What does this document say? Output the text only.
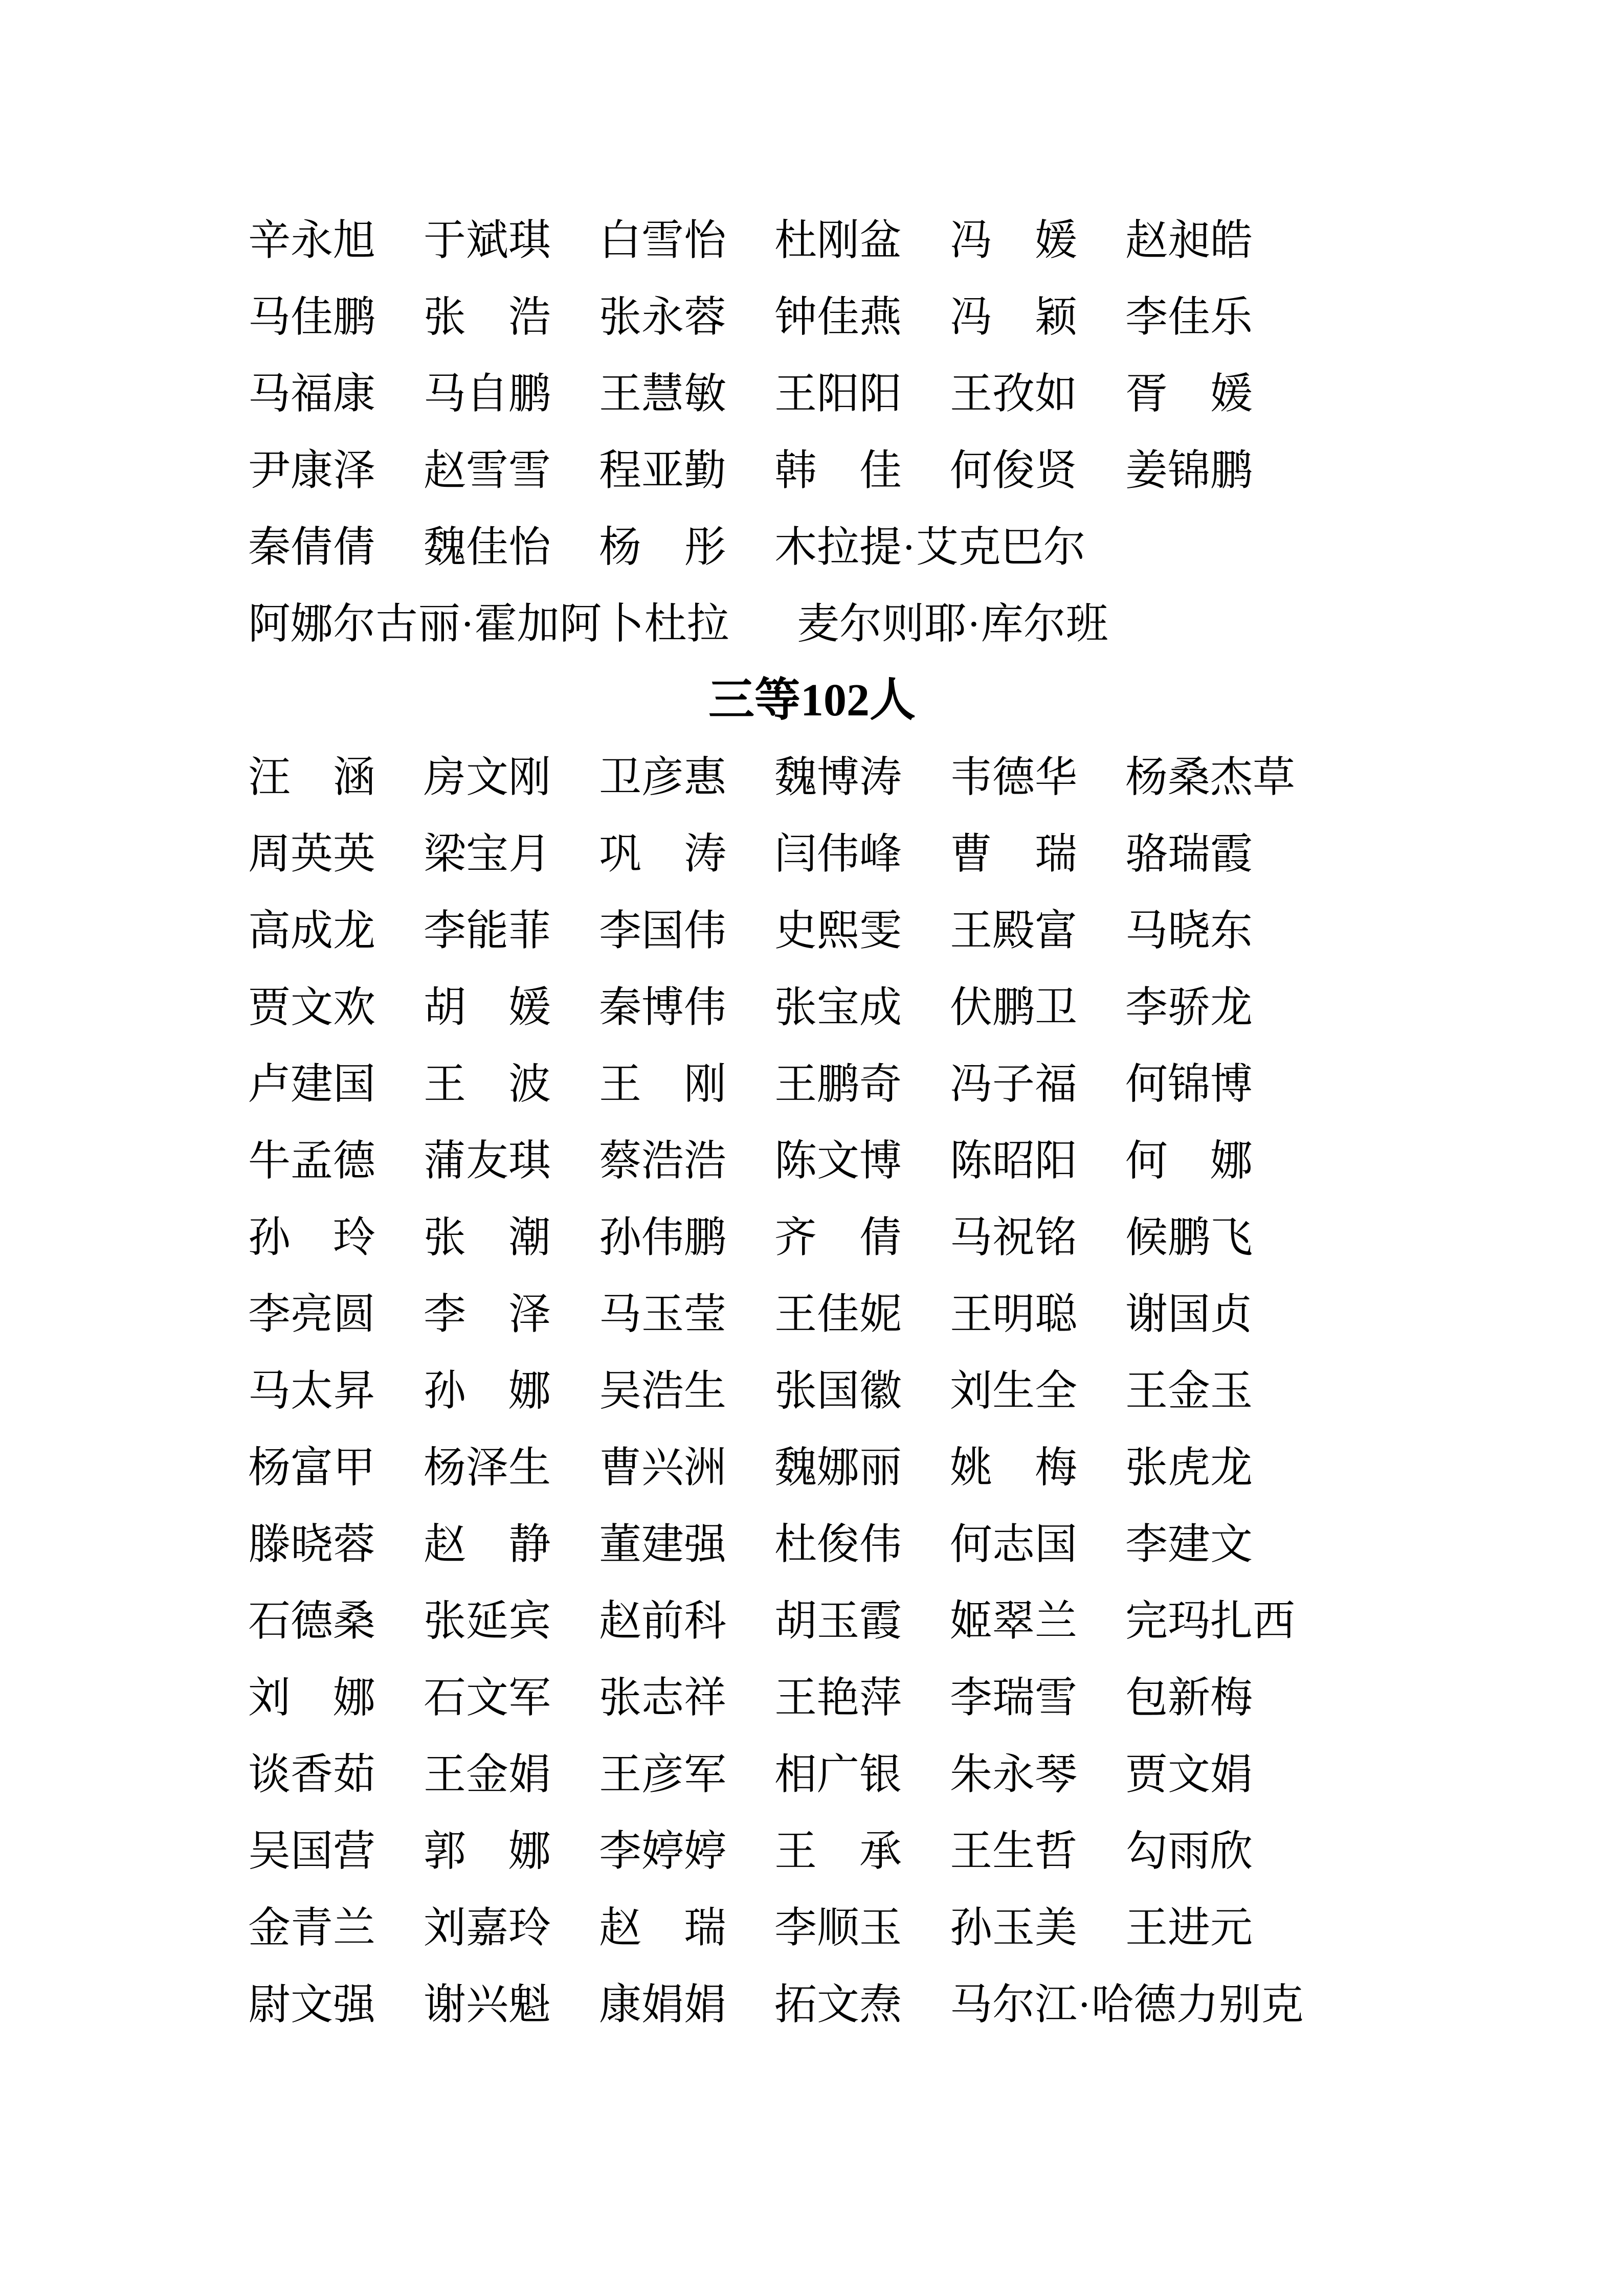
辛永旭 于斌琪 白雪怡 杜刚盆 冯　媛 赵昶皓
马佳鹏 张　浩 张永蓉 钟佳燕 冯　颖 李佳乐
马福康 马自鹏 王慧敏 王阳阳 王孜如 胥　媛
尹康泽 赵雪雪 程亚勤 韩　佳 何俊贤 姜锦鹏
秦倩倩 魏佳怡 杨　彤 木拉提·艾克巴尔
阿娜尔古丽·霍加阿卜杜拉 麦尔则耶·库尔班
三等102人
汪　涵 房文刚 卫彦惠 魏博涛 韦德华 杨桑杰草
周英英 梁宝月 巩　涛 闫伟峰 曹　瑞 骆瑞霞
高成龙 李能菲 李国伟 史熙雯 王殿富 马晓东
贾文欢 胡　媛 秦博伟 张宝成 伏鹏卫 李骄龙
卢建国 王　波 王　刚 王鹏奇 冯子福 何锦博
牛孟德 蒲友琪 蔡浩浩 陈文博 陈昭阳 何　娜
孙　玲 张　潮 孙伟鹏 齐　倩 马祝铭 候鹏飞
李亮圆 李　泽 马玉莹 王佳妮 王明聪 谢国贞
马太昇 孙　娜 吴浩生 张国徽 刘生全 王金玉
杨富甲 杨泽生 曹兴洲 魏娜丽 姚　梅 张虎龙
滕晓蓉 赵　静 董建强 杜俊伟 何志国 李建文
石德桑 张延宾 赵前科 胡玉霞 姬翠兰 完玛扎西
刘　娜 石文军 张志祥 王艳萍 李瑞雪 包新梅
谈香茹 王金娟 王彦军 相广银 朱永琴 贾文娟
吴国营 郭　娜 李婷婷 王　承 王生哲 勾雨欣
金青兰 刘嘉玲 赵　瑞 李顺玉 孙玉美 王进元
尉文强 谢兴魁 康娟娟 拓文焘 马尔江·哈德力别克
